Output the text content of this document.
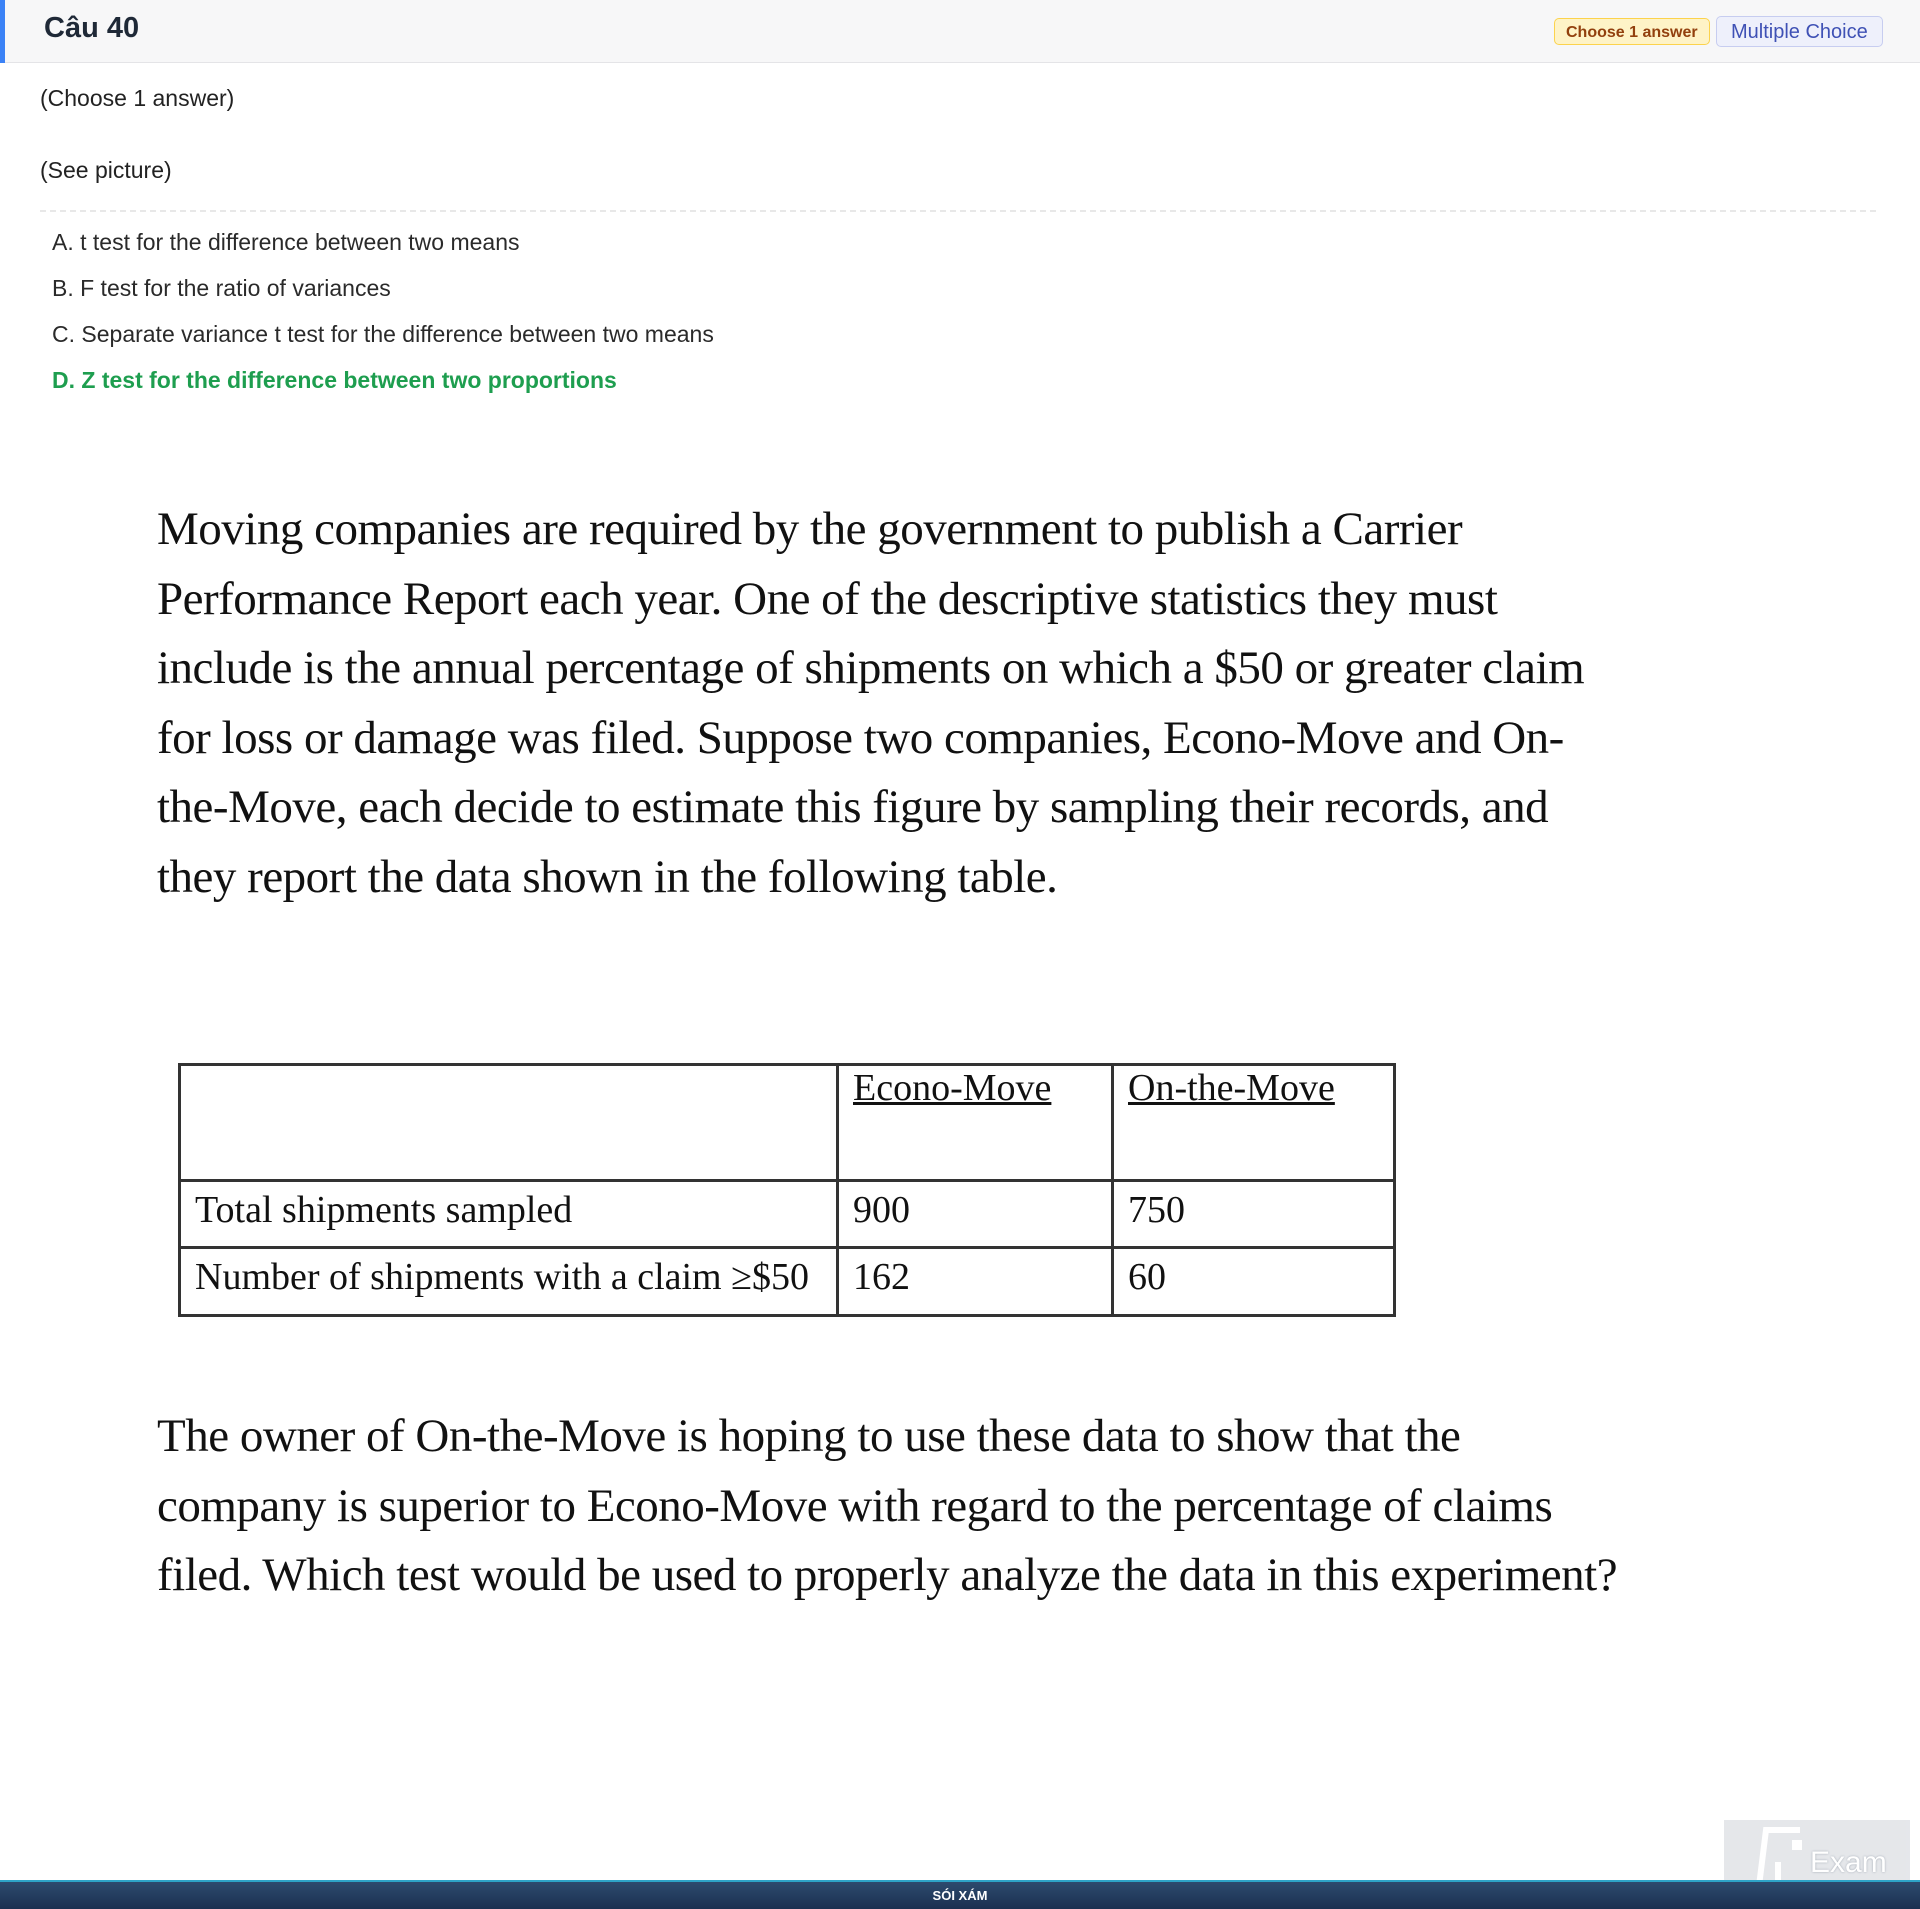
Câu 40	Choose 1 answer	Multiple Choice
(Choose 1 answer)
(See picture)
A. t test for the difference between two means
B. F test for the ratio of variances
C. Separate variance t test for the difference between two means
D. Z test for the difference between two proportions
Moving companies are required by the government to publish a Carrier Performance Report each year. One of the descriptive statistics they must include is the annual percentage of shipments on which a $50 or greater claim for loss or damage was filed. Suppose two companies, Econo-Move and On-the-Move, each decide to estimate this figure by sampling their records, and they report the data shown in the following table.
	Econo-Move	On-the-Move
Total shipments sampled	900	750
Number of shipments with a claim ≥$50	162	60
The owner of On-the-Move is hoping to use these data to show that the company is superior to Econo-Move with regard to the percentage of claims filed. Which test would be used to properly analyze the data in this experiment?
Exam
SÓI XÁM
